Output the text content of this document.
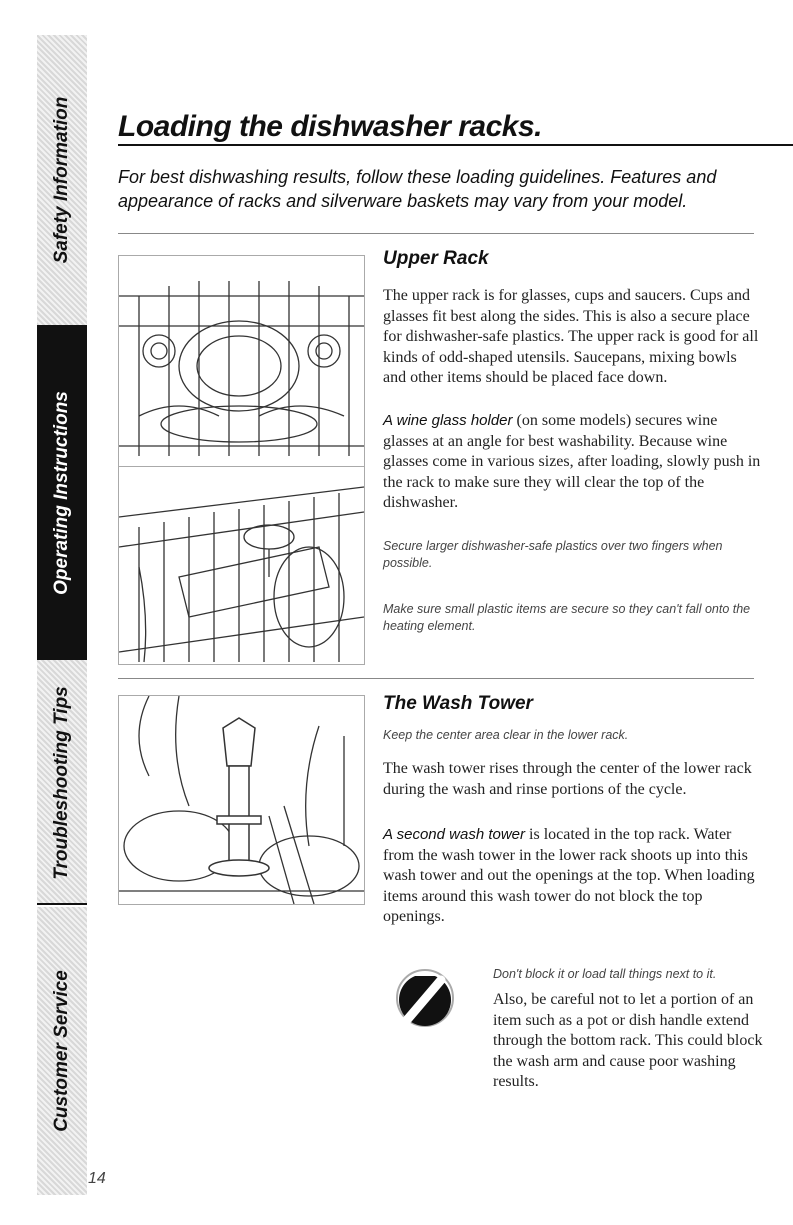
Safety Information
Operating Instructions
Troubleshooting Tips
Customer Service
Loading the dishwasher racks.

For best dishwashing results, follow these loading guidelines. Features and appearance of racks and silverware baskets may vary from your model.

Upper Rack

The upper rack is for glasses, cups and saucers. Cups and glasses fit best along the sides. This is also a secure place for dishwasher-safe plastics. The upper rack is good for all kinds of odd-shaped utensils. Saucepans, mixing bowls and other items should be placed face down.

A wine glass holder (on some models) secures wine glasses at an angle for best washability. Because wine glasses come in various sizes, after loading, slowly push in the rack to make sure they will clear the top of the dishwasher.

Secure larger dishwasher-safe plastics over two fingers when possible.

Make sure small plastic items are secure so they can't fall onto the heating element.

The Wash Tower

Keep the center area clear in the lower rack.

The wash tower rises through the center of the lower rack during the wash and rinse portions of the cycle.

A second wash tower is located in the top rack. Water from the wash tower in the lower rack shoots up into this wash tower and out the openings at the top. When loading items around this wash tower do not block the top openings.

Don't block it or load tall things next to it.

Also, be careful not to let a portion of an item such as a pot or dish handle extend through the bottom rack. This could block the wash arm and cause poor washing results.

14
